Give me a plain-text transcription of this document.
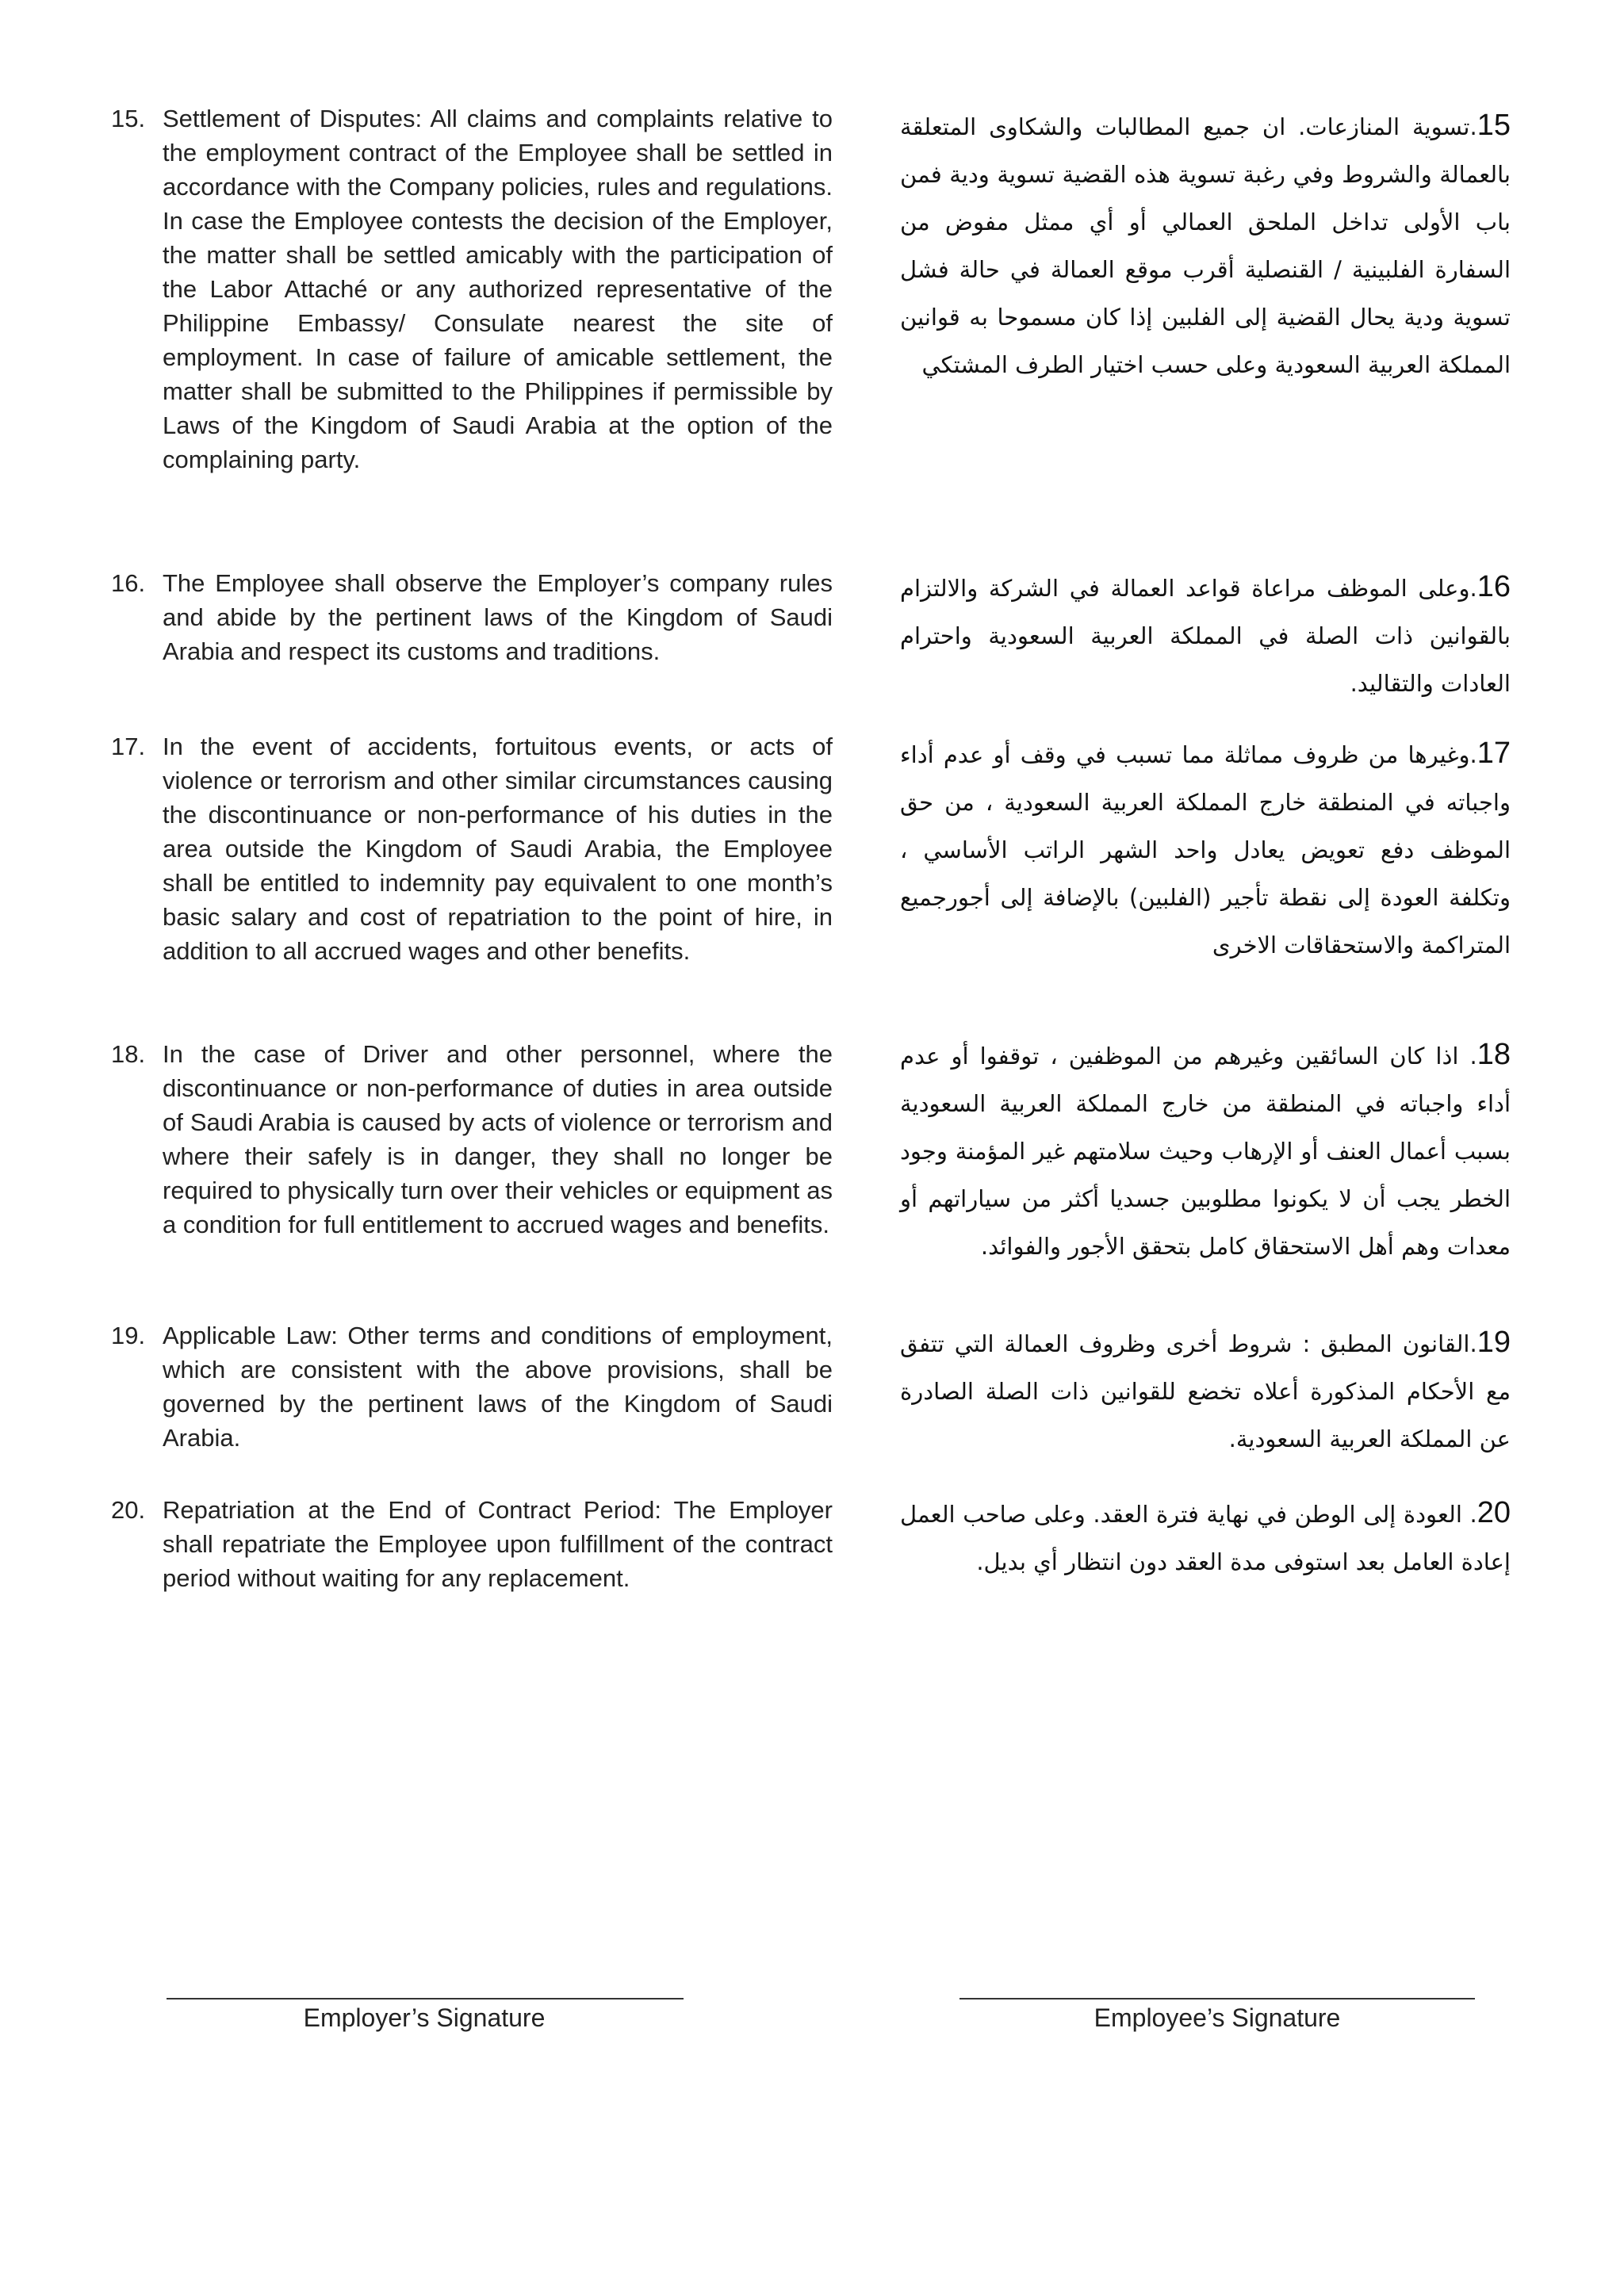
15. Settlement of Disputes: All claims and complaints relative to the employment contract of the Employee shall be settled in accordance with the Company policies, rules and regulations. In case the Employee contests the decision of the Employer, the matter shall be settled amicably with the participation of the Labor Attaché or any authorized representative of the Philippine Embassy/ Consulate nearest the site of employment. In case of failure of amicable settlement, the matter shall be submitted to the Philippines if permissible by Laws of the Kingdom of Saudi Arabia at the option of the complaining party.
15.تسوية المنازعات. ان جميع المطالبات والشكاوى المتعلقة بالعمالة والشروط وفي رغبة تسوية هذه القضية تسوية ودية فمن باب الأولى تداخل الملحق العمالي أو أي ممثل مفوض من السفارة الفلبينية / القنصلية أقرب موقع العمالة في حالة فشل تسوية ودية يحال القضية إلى الفلبين إذا كان مسموحا به قوانين المملكة العربية السعودية وعلى حسب اختيار الطرف المشتكي
16. The Employee shall observe the Employer’s company rules and abide by the pertinent laws of the Kingdom of Saudi Arabia and respect its customs and traditions.
16.وعلى الموظف مراعاة قواعد العمالة في الشركة والالتزام بالقوانين ذات الصلة في المملكة العربية السعودية واحترام العادات والتقاليد.
17. In the event of accidents, fortuitous events, or acts of violence or terrorism and other similar circumstances causing the discontinuance or non-performance of his duties in the area outside the Kingdom of Saudi Arabia, the Employee shall be entitled to indemnity pay equivalent to one month’s basic salary and cost of repatriation to the point of hire, in addition to all accrued wages and other benefits.
17.وغيرها من ظروف مماثلة مما تسبب في وقف أو عدم أداء واجباته في المنطقة خارج المملكة العربية السعودية ، من حق الموظف دفع تعويض يعادل واحد الشهر الراتب الأساسي ، وتكلفة العودة إلى نقطة تأجير (الفلبين) بالإضافة إلى أجورجميع المتراكمة والاستحقاقات الاخرى
18. In the case of Driver and other personnel, where the discontinuance or non-performance of duties in area outside of Saudi Arabia is caused by acts of violence or terrorism and where their safely is in danger, they shall no longer be required to physically turn over their vehicles or equipment as a condition for full entitlement to accrued wages and benefits.
18. اذا كان السائقين وغيرهم من الموظفين ، توقفوا أو عدم أداء واجباته في المنطقة من خارج المملكة العربية السعودية بسبب أعمال العنف أو الإرهاب وحيث سلامتهم غير المؤمنة وجود الخطر يجب أن لا يكونوا مطلوبين جسديا أكثر من سياراتهم أو معدات وهم أهل الاستحقاق كامل بتحقق الأجور والفوائد.
19. Applicable Law: Other terms and conditions of employment, which are consistent with the above provisions, shall be governed by the pertinent laws of the Kingdom of Saudi Arabia.
19.القانون المطبق : شروط أخرى وظروف العمالة التي تتفق مع الأحكام المذكورة أعلاه تخضع للقوانين ذات الصلة الصادرة عن المملكة العربية السعودية.
20. Repatriation at the End of Contract Period: The Employer shall repatriate the Employee upon fulfillment of the contract period without waiting for any replacement.
20. العودة إلى الوطن في نهاية فترة العقد. وعلى صاحب العمل إعادة العامل بعد استوفى مدة العقد دون انتظار أي بديل.
Employer’s Signature	Employee’s Signature
